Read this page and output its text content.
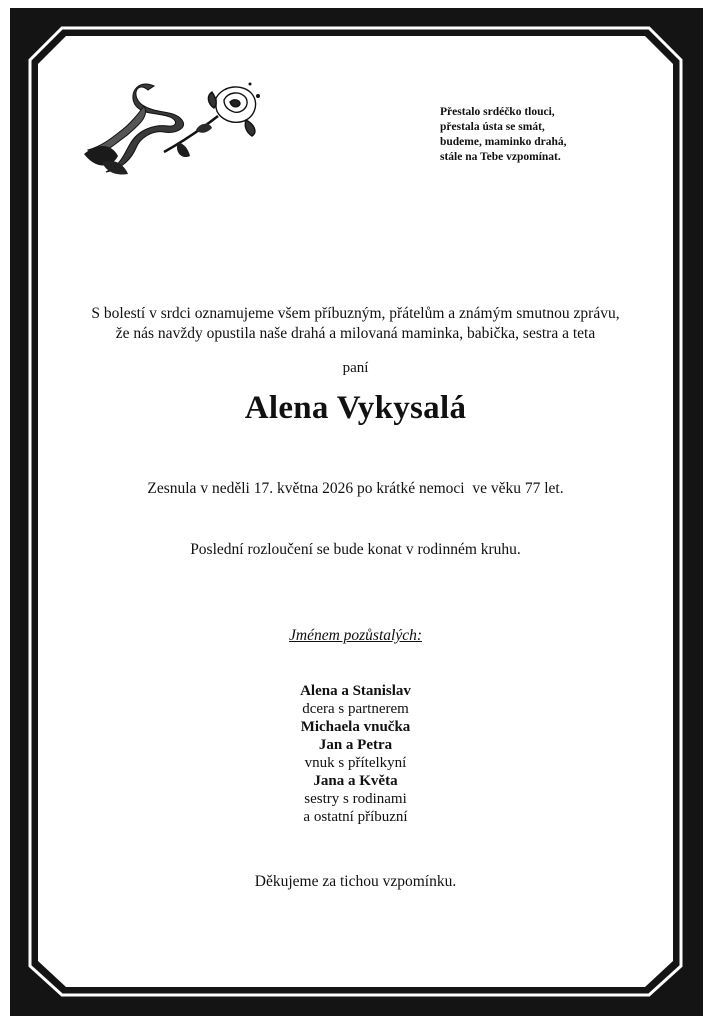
Přestalo srdéčko tlouci,
přestala ústa se smát,
budeme, maminko drahá,
stále na Tebe vzpomínat.
S bolestí v srdci oznamujeme všem příbuzným, přátelům a známým smutnou zprávu,
že nás navždy opustila naše drahá a milovaná maminka, babička, sestra a teta
paní
Alena Vykysalá
Zesnula v neděli 17. května 2026 po krátké nemoci  ve věku 77 let.
Poslední rozloučení se bude konat v rodinném kruhu.
Jménem pozůstalých:
Alena a Stanislav
dcera s partnerem
Michaela vnučka
Jan a Petra
vnuk s přítelkyní
Jana a Květa
sestry s rodinami
a ostatní příbuzní
Děkujeme za tichou vzpomínku.
